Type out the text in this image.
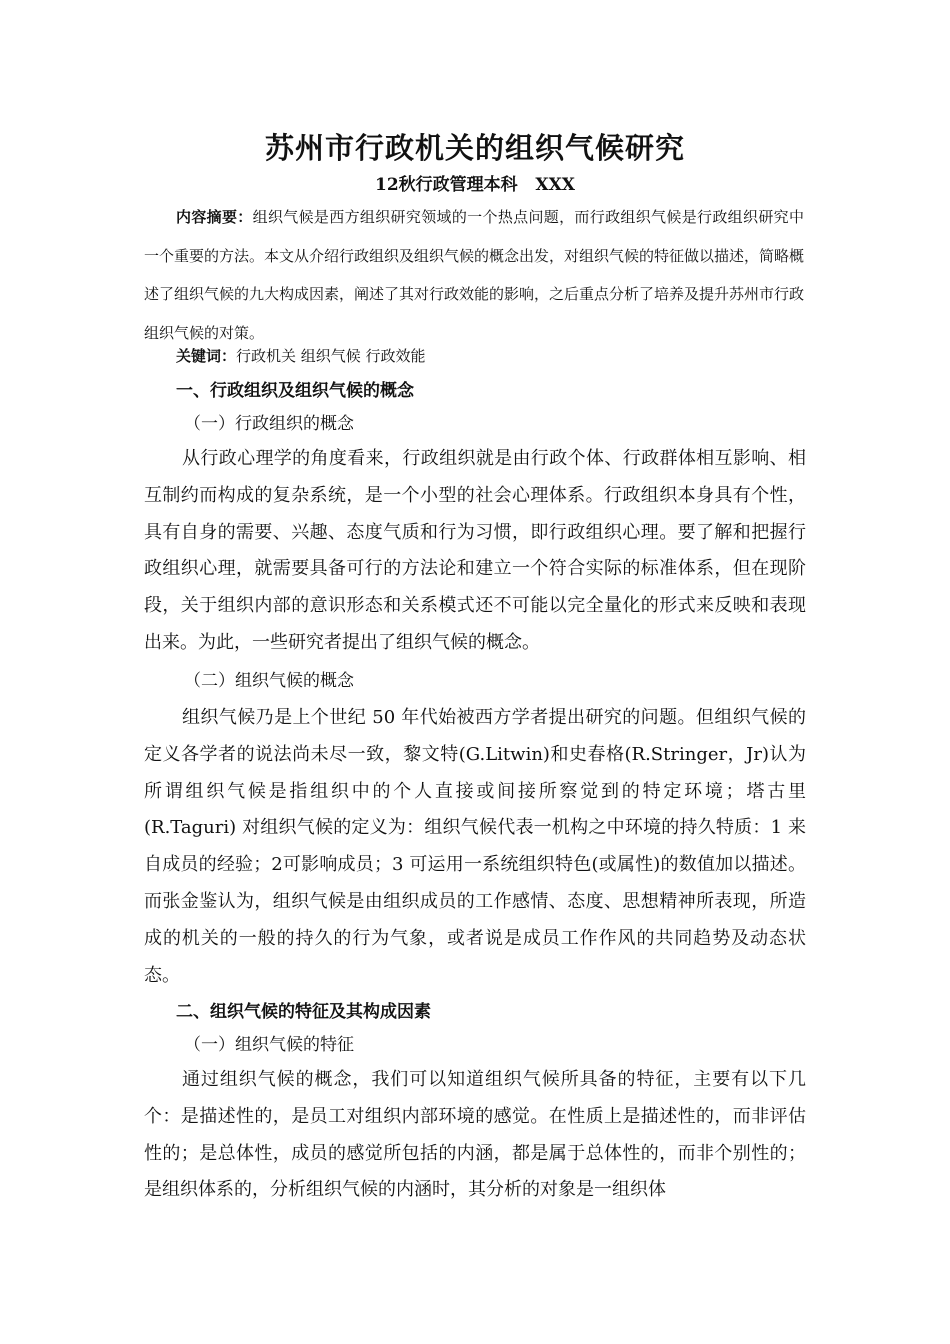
苏州市行政机关的组织气候研究
12秋行政管理本科   XXX
内容摘要：组织气候是西方组织研究领域的一个热点问题，而行政组织气候是行政组织研究中一个重要的方法。本文从介绍行政组织及组织气候的概念出发，对组织气候的特征做以描述，简略概述了组织气候的九大构成因素，阐述了其对行政效能的影响，之后重点分析了培养及提升苏州市行政组织气候的对策。
关键词：行政机关 组织气候 行政效能
一、行政组织及组织气候的概念
（一）行政组织的概念
从行政心理学的角度看来，行政组织就是由行政个体、行政群体相互影响、相互制约而构成的复杂系统，是一个小型的社会心理体系。行政组织本身具有个性，具有自身的需要、兴趣、态度气质和行为习惯，即行政组织心理。要了解和把握行政组织心理，就需要具备可行的方法论和建立一个符合实际的标准体系，但在现阶段，关于组织内部的意识形态和关系模式还不可能以完全量化的形式来反映和表现出来。为此，一些研究者提出了组织气候的概念。
（二）组织气候的概念
组织气候乃是上个世纪 50 年代始被西方学者提出研究的问题。但组织气候的定义各学者的说法尚未尽一致，黎文特(G.Litwin)和史春格(R.Stringer，Jr)认为 所谓组织气候是指组织中的个人直接或间接所察觉到的特定环境；塔古里(R.Taguri) 对组织气候的定义为：组织气候代表一机构之中环境的持久特质：1 来自成员的经验；2可影响成员；3 可运用一系统组织特色(或属性)的数值加以描述。而张金鉴认为，组织气候是由组织成员的工作感情、态度、思想精神所表现，所造成的机关的一般的持久的行为气象，或者说是成员工作作风的共同趋势及动态状态。
二、组织气候的特征及其构成因素
（一）组织气候的特征
通过组织气候的概念，我们可以知道组织气候所具备的特征，主要有以下几个：是描述性的，是员工对组织内部环境的感觉。在性质上是描述性的，而非评估性的；是总体性，成员的感觉所包括的内涵，都是属于总体性的，而非个别性的；是组织体系的，分析组织气候的内涵时，其分析的对象是一组织体
